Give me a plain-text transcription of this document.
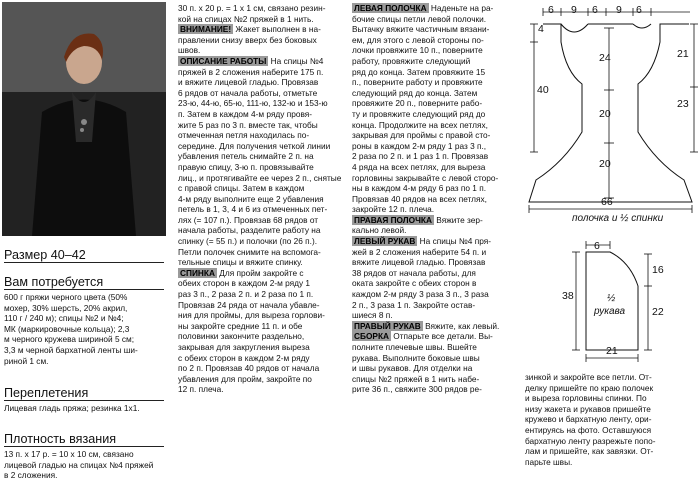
Размер 40–42
Вам потребуется
600 г пряжи черного цвета (50%
мохер, 30% шерсть, 20% акрил,
110 г / 240 м); спицы №2 и №4;
МК (маркировочные кольца); 2,3
м черного кружева шириной 5 см;
3,3 м черной бархатной ленты ши-
риной 1 см.
Переплетения
Лицевая гладь пряжа; резинка 1х1.
Плотность вязания
13 п. х 17 р. = 10 х 10 см, связано
лицевой гладью на спицах №4 пряжей
в 2 сложения.
30 п. х 20 р. = 1 х 1 см, связано резин-
кой на спицах №2 пряжей в 1 нить.
ВНИМАНИЕ! Жакет выполнен в на-
правлении снизу вверх без боковых
швов.
ОПИСАНИЕ РАБОТЫ На спицы №4
пряжей в 2 сложения наберите 175 п.
и вяжите лицевой гладью. Провязав
6 рядов от начала работы, отметьте
23-ю, 44-ю, 65-ю, 111-ю, 132-ю и 153-ю
п. Затем в каждом 4-м ряду провя-
жите 5 раз по 3 п. вместе так, чтобы
отмеченная петля находилась по-
середине. Для получения четкой линии
убавления петель снимайте 2 п. на
правую спицу, 3-ю п. провязывайте
лиц., и протягивайте ее через 2 п., снятые
с правой спицы. Затем в каждом
4-м ряду выполните еще 2 убавления
петель в 1, 3, 4 и 6 из отмеченных пет-
лях (= 107 п.). Провязав 68 рядов от
начала работы, разделите работу на
спинку (= 55 п.) и полочки (по 26 п.).
Петли полочек снимите на вспомога-
тельные спицы и вяжите спинку.
СПИНКА Для пройм закройте с
обеих сторон в каждом 2-м ряду 1
раз 3 п., 2 раза 2 п. и 2 раза по 1 п.
Провязав 24 ряда от начала убавле-
ния для проймы, для выреза горлови-
ны закройте средние 11 п. и обе
половинки закончите раздельно,
закрывая для закругления выреза
с обеих сторон в каждом 2-м ряду
по 2 п. Провязав 40 рядов от начала
убавления для пройм, закройте по
12 п. плеча.
ЛЕВАЯ ПОЛОЧКА Наденьте на ра-
бочие спицы петли левой полочки.
Вытачку вяжите частичным вязани-
ем, для этого с левой стороны по-
лочки провяжите 10 п., поверните
работу, провяжите следующий
ряд до конца. Затем провяжите 15
п., поверните работу и провяжите
следующий ряд до конца. Затем
провяжите 20 п., поверните рабо-
ту и провяжите следующий ряд до
конца. Продолжите на всех петлях,
закрывая для проймы с правой сто-
роны в каждом 2-м ряду 1 раз 3 п.,
2 раза по 2 п. и 1 раз 1 п. Провязав
4 ряда на всех петлях, для выреза
горловины закрывайте с левой сторо-
ны в каждом 4-м ряду 6 раз по 1 п.
Провязав 40 рядов на всех петлях,
закройте 12 п. плеча.
ПРАВАЯ ПОЛОЧКА Вяжите зер-
кально левой.
ЛЕВЫЙ РУКАВ На спицы №4 пря-
жей в 2 сложения наберите 54 п. и
вяжите лицевой гладью. Провязав
38 рядов от начала работы, для
оката закройте с обеих сторон в
каждом 2-м ряду 3 раза 3 п., 3 раза
2 п., 3 раза 1 п. Закройте остав-
шиеся 8 п.
ПРАВЫЙ РУКАВ Вяжите, как левый.
СБОРКА Отпарьте все детали. Вы-
полните плечевые швы. Вшейте
рукава. Выполните боковые швы
и швы рукавов. Для отделки на
спицы №2 пряжей в 1 нить набе-
рите 36 п., свяжите 300 рядов ре-
зинкой и закройте все петли. От-
делку пришейте по краю полочек
и выреза горловины спинки. По
низу жакета и рукавов пришейте
кружево и бархатную ленту, ори-
ентируясь на фото. Оставшуюся
бархатную ленту разрежьте попо-
лам и пришейте, как завязки. От-
парьте швы.
6 9 6 9 6
4
40
24
20
20
21
23
66
полочка и ½ спинки
6
38
16
22
21
½
рукава
